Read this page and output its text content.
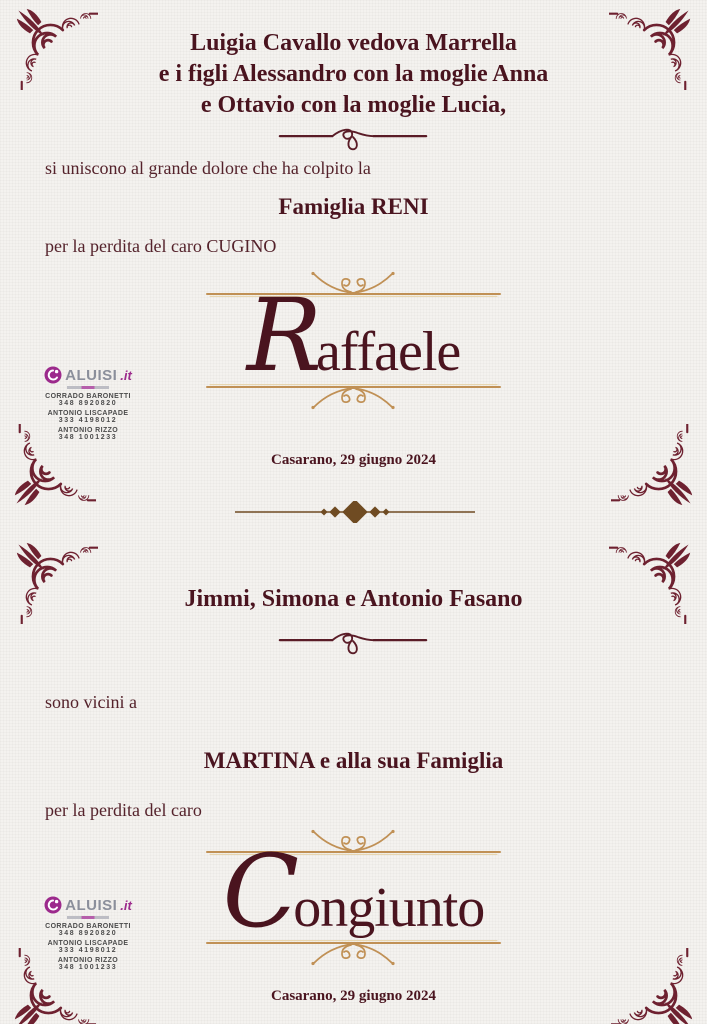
Luigia Cavallo vedova Marrella
e i figli Alessandro con la moglie Anna
e Ottavio con la moglie Lucia,
si uniscono al grande dolore che ha colpito la
Famiglia RENI
per la perdita del caro CUGINO
R
affaele
ALUISI .it
CORRADO BARONETTI
348 8920820
ANTONIO LISCAPADE
333 4198012
ANTONIO RIZZO
348 1001233
Casarano, 29 giugno 2024
Jimmi, Simona e Antonio Fasano
sono vicini a
MARTINA e alla sua Famiglia
per la perdita del caro
C
ongiunto
ALUISI .it
CORRADO BARONETTI
348 8920820
ANTONIO LISCAPADE
333 4198012
ANTONIO RIZZO
348 1001233
Casarano, 29 giugno 2024
